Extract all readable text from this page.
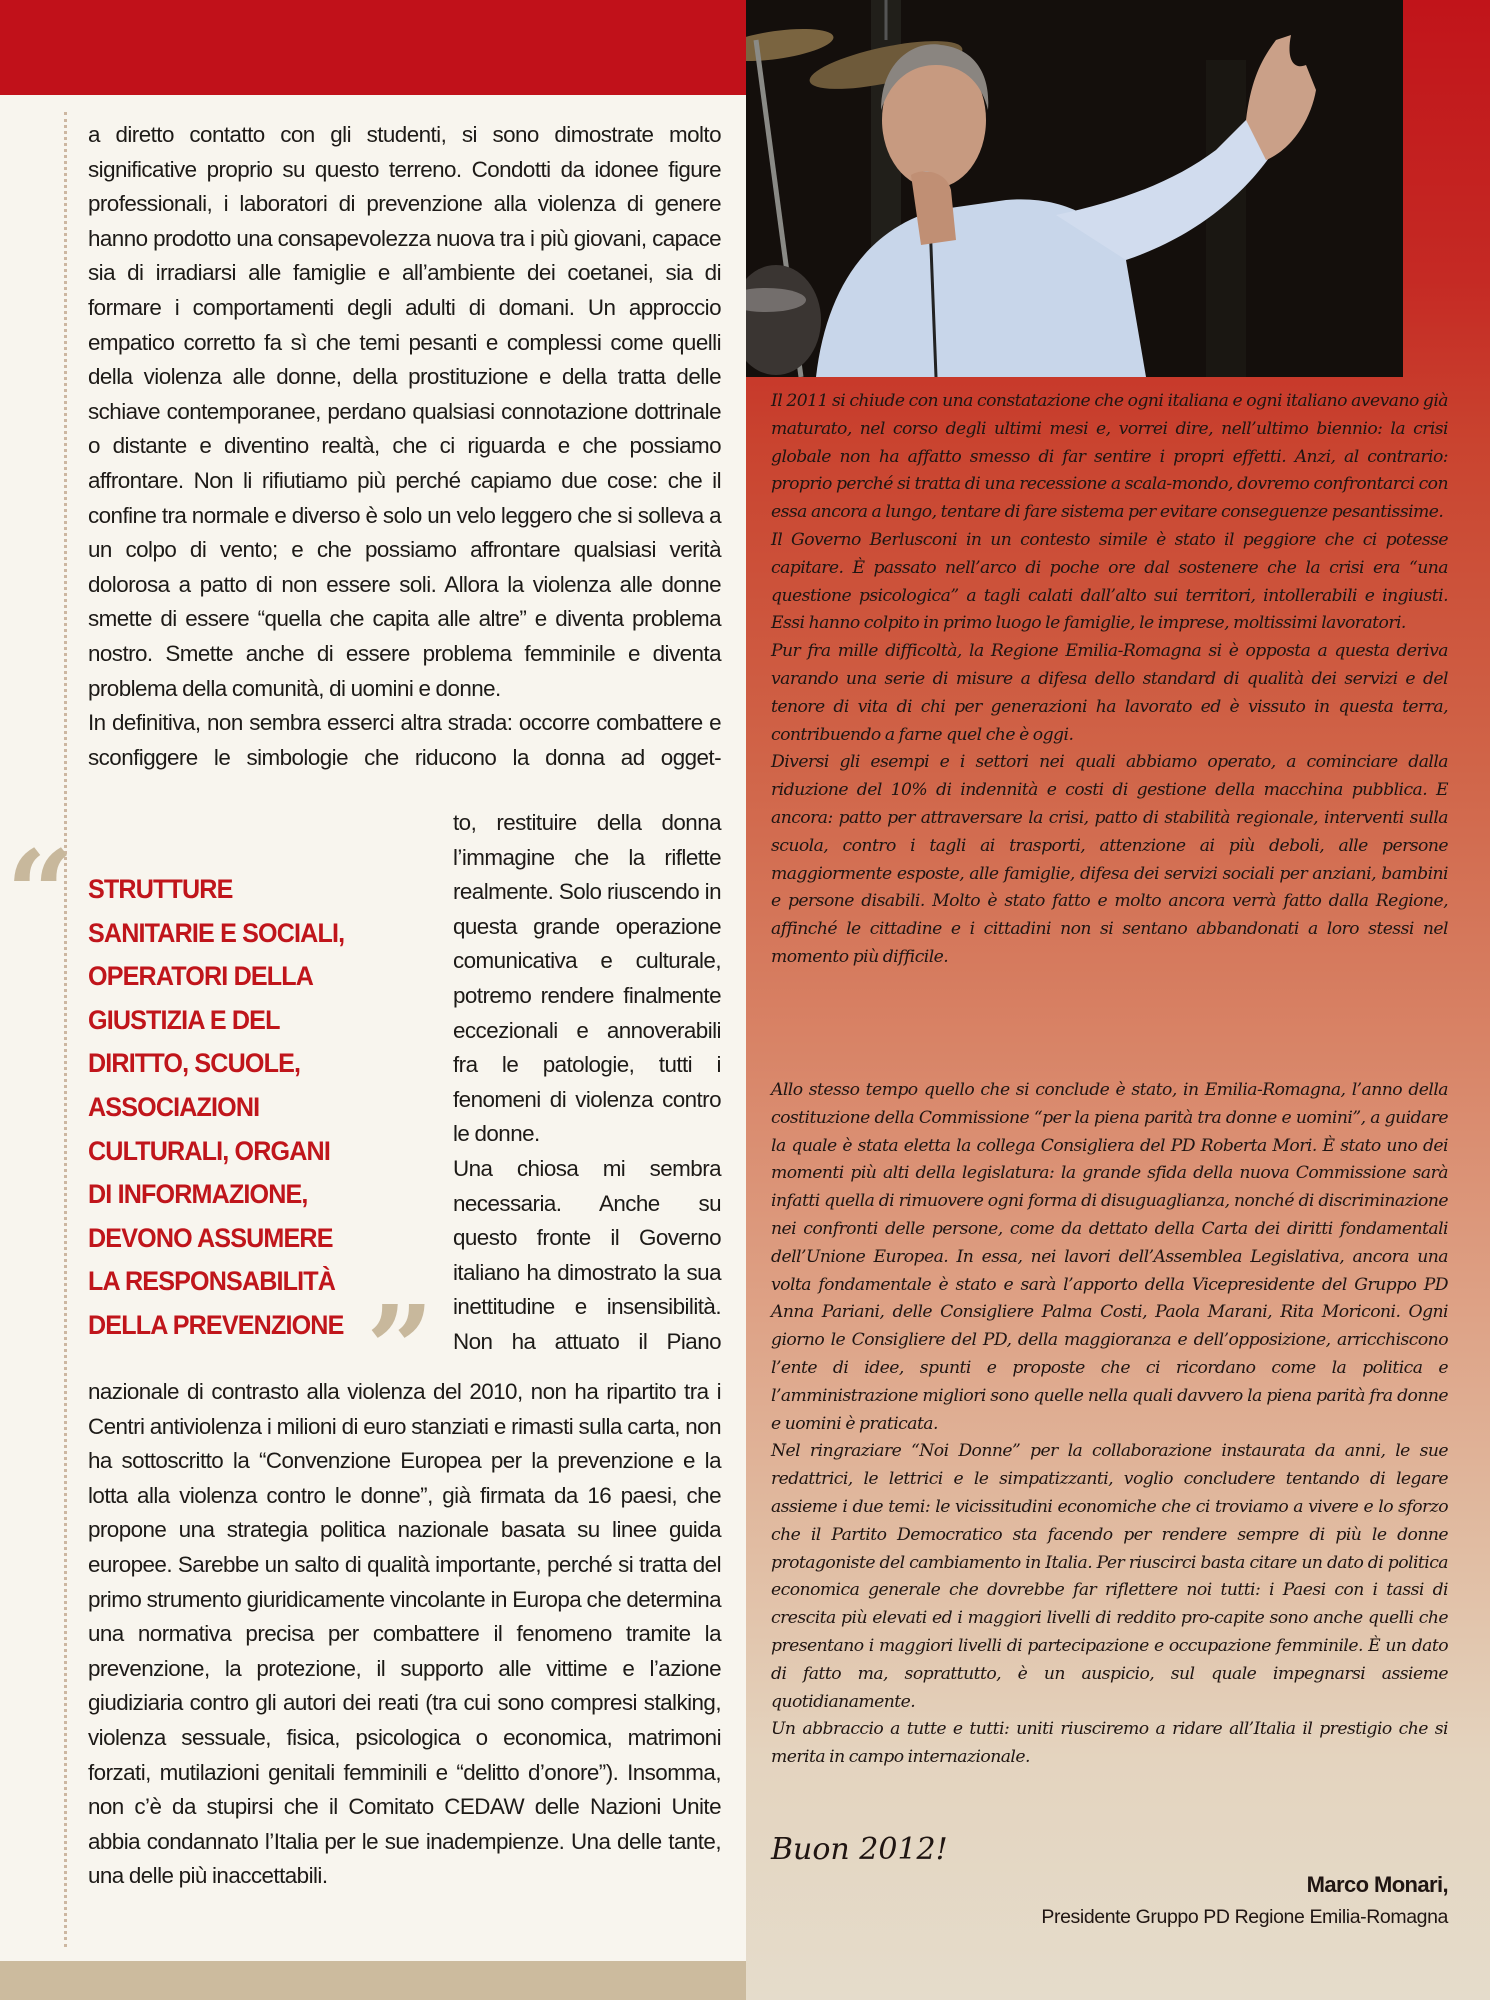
a diretto contatto con gli studenti, si sono dimostrate molto significative proprio su questo terreno. Condotti da idonee figure professionali, i laboratori di prevenzione alla violenza di genere hanno prodotto una consapevolezza nuova tra i più giovani, capace sia di irradiarsi alle famiglie e all’ambiente dei coetanei, sia di formare i comportamenti degli adulti di domani. Un approccio empatico corretto fa sì che temi pesanti e complessi come quelli della violenza alle donne, della prostituzione e della tratta delle schiave contemporanee, perdano qualsiasi connotazione dottrinale o distante e diventino realtà, che ci riguarda e che possiamo affrontare. Non li rifiutiamo più perché capiamo due cose: che il confine tra normale e diverso è solo un velo leggero che si solleva a un colpo di vento; e che possiamo affrontare qualsiasi verità dolorosa a patto di non essere soli. Allora la violenza alle donne smette di essere “quella che capita alle altre” e diventa problema nostro. Smette anche di essere problema femminile e diventa problema della comunità, di uomini e donne.

In definitiva, non sembra esserci altra strada: occorre combattere e sconfiggere le simbologie che riducono la donna ad ogget-

to, restituire della donna l’immagine che la riflette realmente. Solo riuscendo in questa grande operazione comunicativa e culturale, potremo rendere finalmente eccezionali e annoverabili fra le patologie, tutti i fenomeni di violenza contro le donne.

Una chiosa mi sembra necessaria. Anche su questo fronte il Governo italiano ha dimostrato la sua inettitudine e insensibilità. Non ha attuato il Piano

“ STRUTTURE
SANITARIE E SOCIALI,
OPERATORI DELLA
GIUSTIZIA E DEL
DIRITTO, SCUOLE,
ASSOCIAZIONI
CULTURALI, ORGANI
DI INFORMAZIONE,
DEVONO ASSUMERE
LA RESPONSABILITÀ
DELLA PREVENZIONE ”

nazionale di contrasto alla violenza del 2010, non ha ripartito tra i Centri antiviolenza i milioni di euro stanziati e rimasti sulla carta, non ha sottoscritto la “Convenzione Europea per la prevenzione e la lotta alla violenza contro le donne”, già firmata da 16 paesi, che propone una strategia politica nazionale basata su linee guida europee. Sarebbe un salto di qualità importante, perché si tratta del primo strumento giuridicamente vincolante in Europa che determina una normativa precisa per combattere il fenomeno tramite la prevenzione, la protezione, il supporto alle vittime e l’azione giudiziaria contro gli autori dei reati (tra cui sono compresi stalking, violenza sessuale, fisica, psicologica o economica, matrimoni forzati, mutilazioni genitali femminili e “delitto d’onore”). Insomma, non c’è da stupirsi che il Comitato CEDAW delle Nazioni Unite abbia condannato l’Italia per le sue inadempienze. Una delle tante, una delle più inaccettabili.

Il 2011 si chiude con una constatazione che ogni italiana e ogni italiano avevano già maturato, nel corso degli ultimi mesi e, vorrei dire, nell’ultimo biennio: la crisi globale non ha affatto smesso di far sentire i propri effetti. Anzi, al contrario: proprio perché si tratta di una recessione a scala-mondo, dovremo confrontarci con essa ancora a lungo, tentare di fare sistema per evitare conseguenze pesantissime.

Il Governo Berlusconi in un contesto simile è stato il peggiore che ci potesse capitare. È passato nell’arco di poche ore dal sostenere che la crisi era “una questione psicologica” a tagli calati dall’alto sui territori, intollerabili e ingiusti. Essi hanno colpito in primo luogo le famiglie, le imprese, moltissimi lavoratori.

Pur fra mille difficoltà, la Regione Emilia-Romagna si è opposta a questa deriva varando una serie di misure a difesa dello standard di qualità dei servizi e del tenore di vita di chi per generazioni ha lavorato ed è vissuto in questa terra, contribuendo a farne quel che è oggi.

Diversi gli esempi e i settori nei quali abbiamo operato, a cominciare dalla riduzione del 10% di indennità e costi di gestione della macchina pubblica. E ancora: patto per attraversare la crisi, patto di stabilità regionale, interventi sulla scuola, contro i tagli ai trasporti, attenzione ai più deboli, alle persone maggiormente esposte, alle famiglie, difesa dei servizi sociali per anziani, bambini e persone disabili. Molto è stato fatto e molto ancora verrà fatto dalla Regione, affinché le cittadine e i cittadini non si sentano abbandonati a loro stessi nel momento più difficile.

Allo stesso tempo quello che si conclude è stato, in Emilia-Romagna, l’anno della costituzione della Commissione “per la piena parità tra donne e uomini”, a guidare la quale è stata eletta la collega Consigliera del PD Roberta Mori. È stato uno dei momenti più alti della legislatura: la grande sfida della nuova Commissione sarà infatti quella di rimuovere ogni forma di disuguaglianza, nonché di discriminazione nei confronti delle persone, come da dettato della Carta dei diritti fondamentali dell’Unione Europea. In essa, nei lavori dell’Assemblea Legislativa, ancora una volta fondamentale è stato e sarà l’apporto della Vicepresidente del Gruppo PD Anna Pariani, delle Consigliere Palma Costi, Paola Marani, Rita Moriconi. Ogni giorno le Consigliere del PD, della maggioranza e dell’opposizione, arricchiscono l’ente di idee, spunti e proposte che ci ricordano come la politica e l’amministrazione migliori sono quelle nella quali davvero la piena parità fra donne e uomini è praticata.

Nel ringraziare “Noi Donne” per la collaborazione instaurata da anni, le sue redattrici, le lettrici e le simpatizzanti, voglio concludere tentando di legare assieme i due temi: le vicissitudini economiche che ci troviamo a vivere e lo sforzo che il Partito Democratico sta facendo per rendere sempre di più le donne protagoniste del cambiamento in Italia. Per riuscirci basta citare un dato di politica economica generale che dovrebbe far riflettere noi tutti: i Paesi con i tassi di crescita più elevati ed i maggiori livelli di reddito pro-capite sono anche quelli che presentano i maggiori livelli di partecipazione e occupazione femminile. È un dato di fatto ma, soprattutto, è un auspicio, sul quale impegnarsi assieme quotidianamente.

Un abbraccio a tutte e tutti: uniti riusciremo a ridare all’Italia il prestigio che si merita in campo internazionale.

Buon 2012!
Marco Monari,
Presidente Gruppo PD Regione Emilia-Romagna
